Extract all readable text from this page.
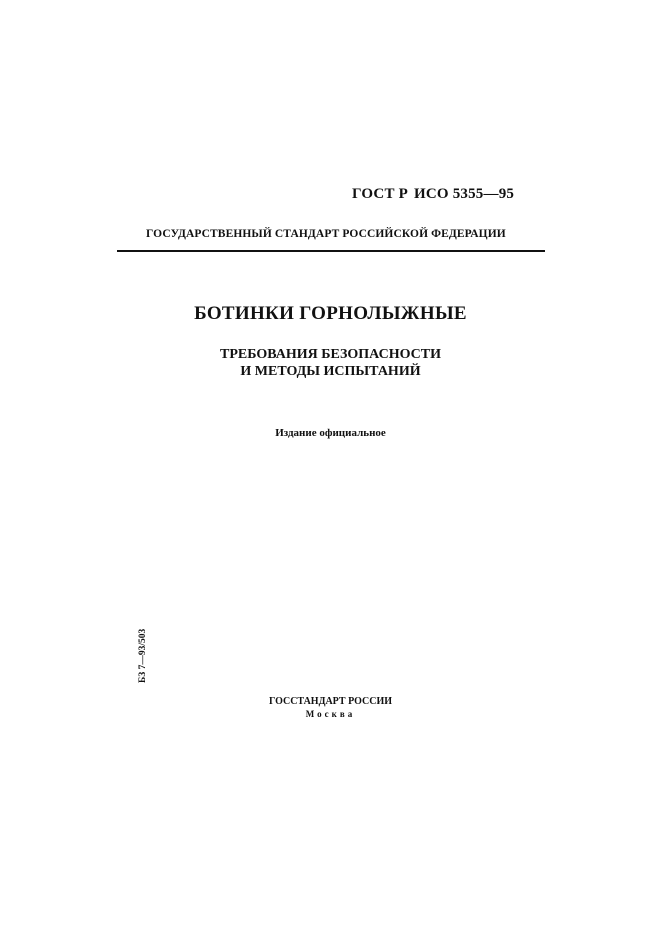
ГОСТ Р ИСО 5355—95
ГОСУДАРСТВЕННЫЙ СТАНДАРТ РОССИЙСКОЙ ФЕДЕРАЦИИ
БОТИНКИ ГОРНОЛЫЖНЫЕ
ТРЕБОВАНИЯ БЕЗОПАСНОСТИ
И МЕТОДЫ ИСПЫТАНИЙ
Издание официальное
БЗ 7—93/503
ГОССТАНДАРТ РОССИИ
Москва
